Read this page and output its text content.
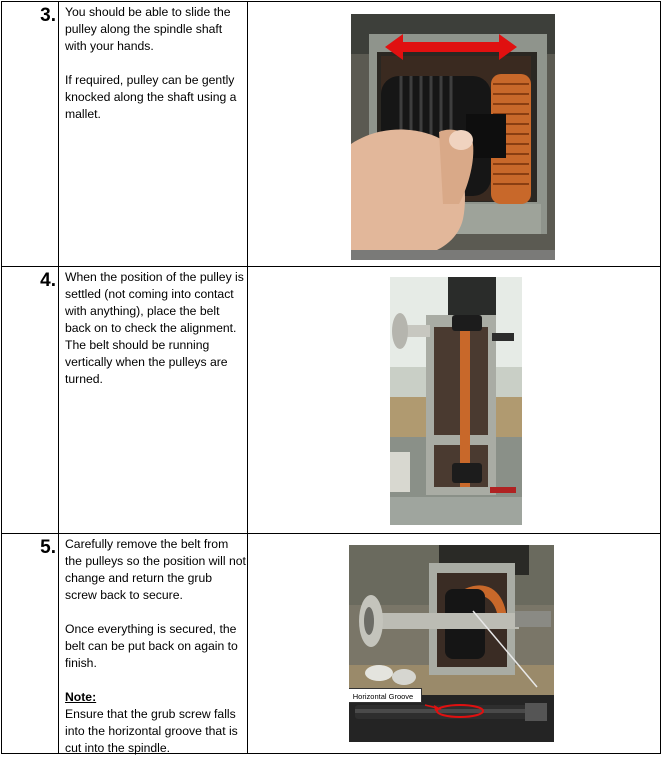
3. You should be able to slide the pulley along the spindle shaft with your hands.

If required, pulley can be gently knocked along the shaft using a mallet.

4. When the position of the pulley is settled (not coming into contact with anything), place the belt back on to check the alignment. The belt should be running vertically when the pulleys are turned.

5. Carefully remove the belt from the pulleys so the position will not change and return the grub screw back to secure.

Once everything is secured, the belt can be put back on again to finish.

Note:
Ensure that the grub screw falls into the horizontal groove that is cut into the spindle.

Horizontal Groove
